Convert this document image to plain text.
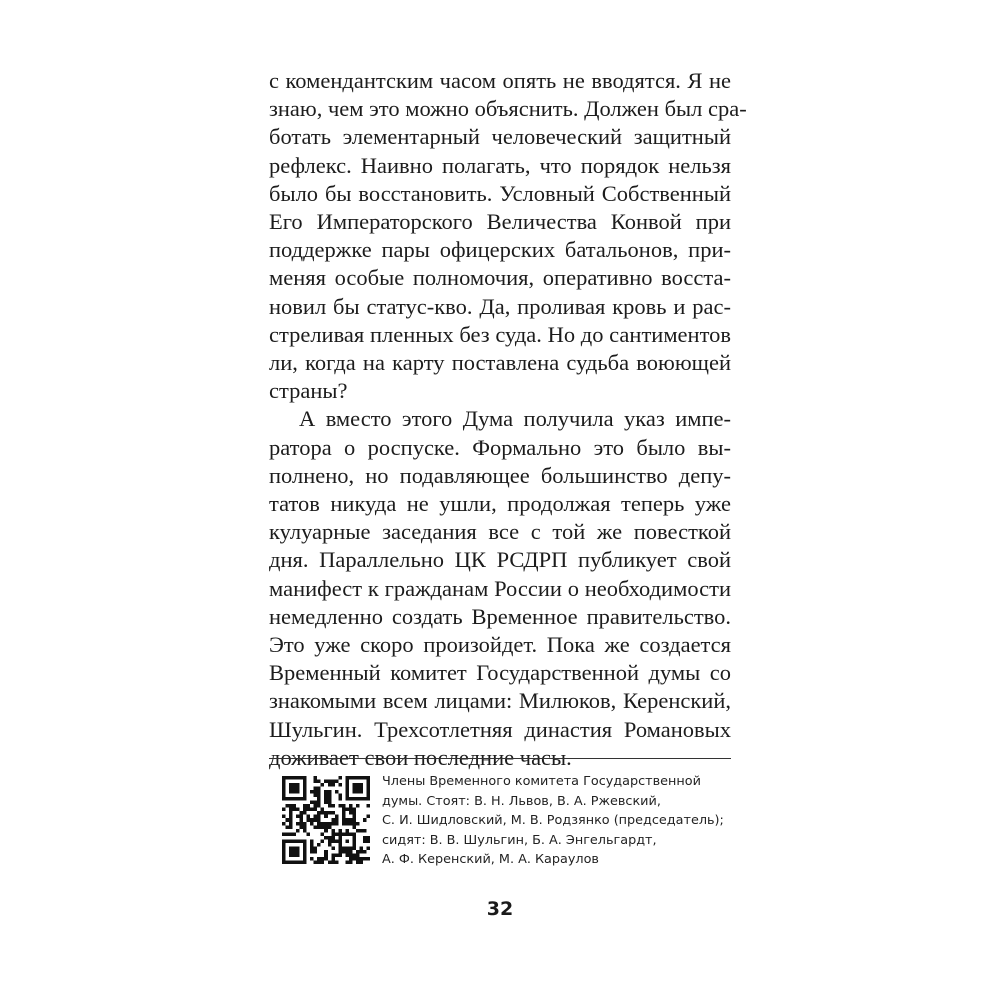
с комендантским часом опять не вводятся. Я не
знаю, чем это можно объяснить. Должен был сра-
ботать элементарный человеческий защитный
рефлекс. Наивно полагать, что порядок нельзя
было бы восстановить. Условный Собственный
Его Императорского Величества Конвой при
поддержке пары офицерских батальонов, при-
меняя особые полномочия, оперативно восста-
новил бы статус-кво. Да, проливая кровь и рас-
стреливая пленных без суда. Но до сантиментов
ли, когда на карту поставлена судьба воюющей
страны?
А вместо этого Дума получила указ импе-
ратора о роспуске. Формально это было вы-
полнено, но подавляющее большинство депу-
татов никуда не ушли, продолжая теперь уже
кулуарные заседания все с той же повесткой
дня. Параллельно ЦК РСДРП публикует свой
манифест к гражданам России о необходимости
немедленно создать Временное правительство.
Это уже скоро произойдет. Пока же создается
Временный комитет Государственной думы со
знакомыми всем лицами: Милюков, Керенский,
Шульгин. Трехсотлетняя династия Романовых
доживает свои последние часы.
Члены Временного комитета Государственной
думы. Стоят: В. Н. Львов, В. А. Ржевский,
С. И. Шидловский, М. В. Родзянко (председатель);
сидят: В. В. Шульгин, Б. А. Энгельгардт,
А. Ф. Керенский, М. А. Караулов
32
